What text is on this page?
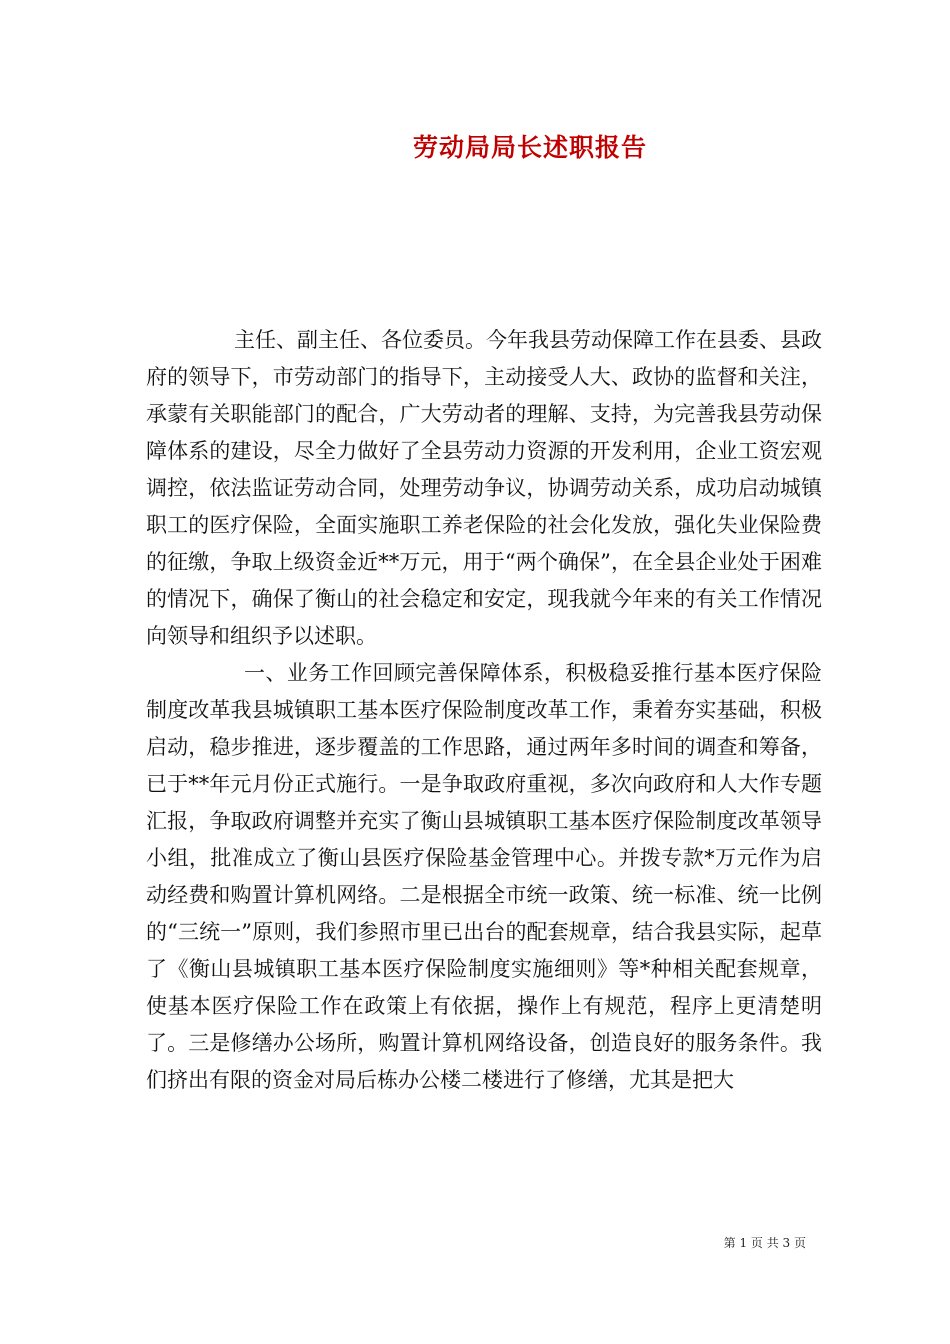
劳动局局长述职报告

主任、副主任、各位委员。今年我县劳动保障工作在县委、县政府的领导下，市劳动部门的指导下，主动接受人大、政协的监督和关注，承蒙有关职能部门的配合，广大劳动者的理解、支持，为完善我县劳动保障体系的建设，尽全力做好了全县劳动力资源的开发利用，企业工资宏观调控，依法监证劳动合同，处理劳动争议，协调劳动关系，成功启动城镇职工的医疗保险，全面实施职工养老保险的社会化发放，强化失业保险费的征缴，争取上级资金近**万元，用于“两个确保”，在全县企业处于困难的情况下，确保了衡山的社会稳定和安定，现我就今年来的有关工作情况向领导和组织予以述职。

一、业务工作回顾完善保障体系，积极稳妥推行基本医疗保险制度改革我县城镇职工基本医疗保险制度改革工作，秉着夯实基础，积极启动，稳步推进，逐步覆盖的工作思路，通过两年多时间的调查和筹备，已于**年元月份正式施行。一是争取政府重视，多次向政府和人大作专题汇报，争取政府调整并充实了衡山县城镇职工基本医疗保险制度改革领导小组，批准成立了衡山县医疗保险基金管理中心。并拨专款*万元作为启动经费和购置计算机网络。二是根据全市统一政策、统一标准、统一比例的“三统一”原则，我们参照市里已出台的配套规章，结合我县实际，起草了《衡山县城镇职工基本医疗保险制度实施细则》等*种相关配套规章，使基本医疗保险工作在政策上有依据，操作上有规范，程序上更清楚明了。三是修缮办公场所，购置计算机网络设备，创造良好的服务条件。我们挤出有限的资金对局后栋办公楼二楼进行了修缮，尤其是把大

第 1 页 共 3 页
